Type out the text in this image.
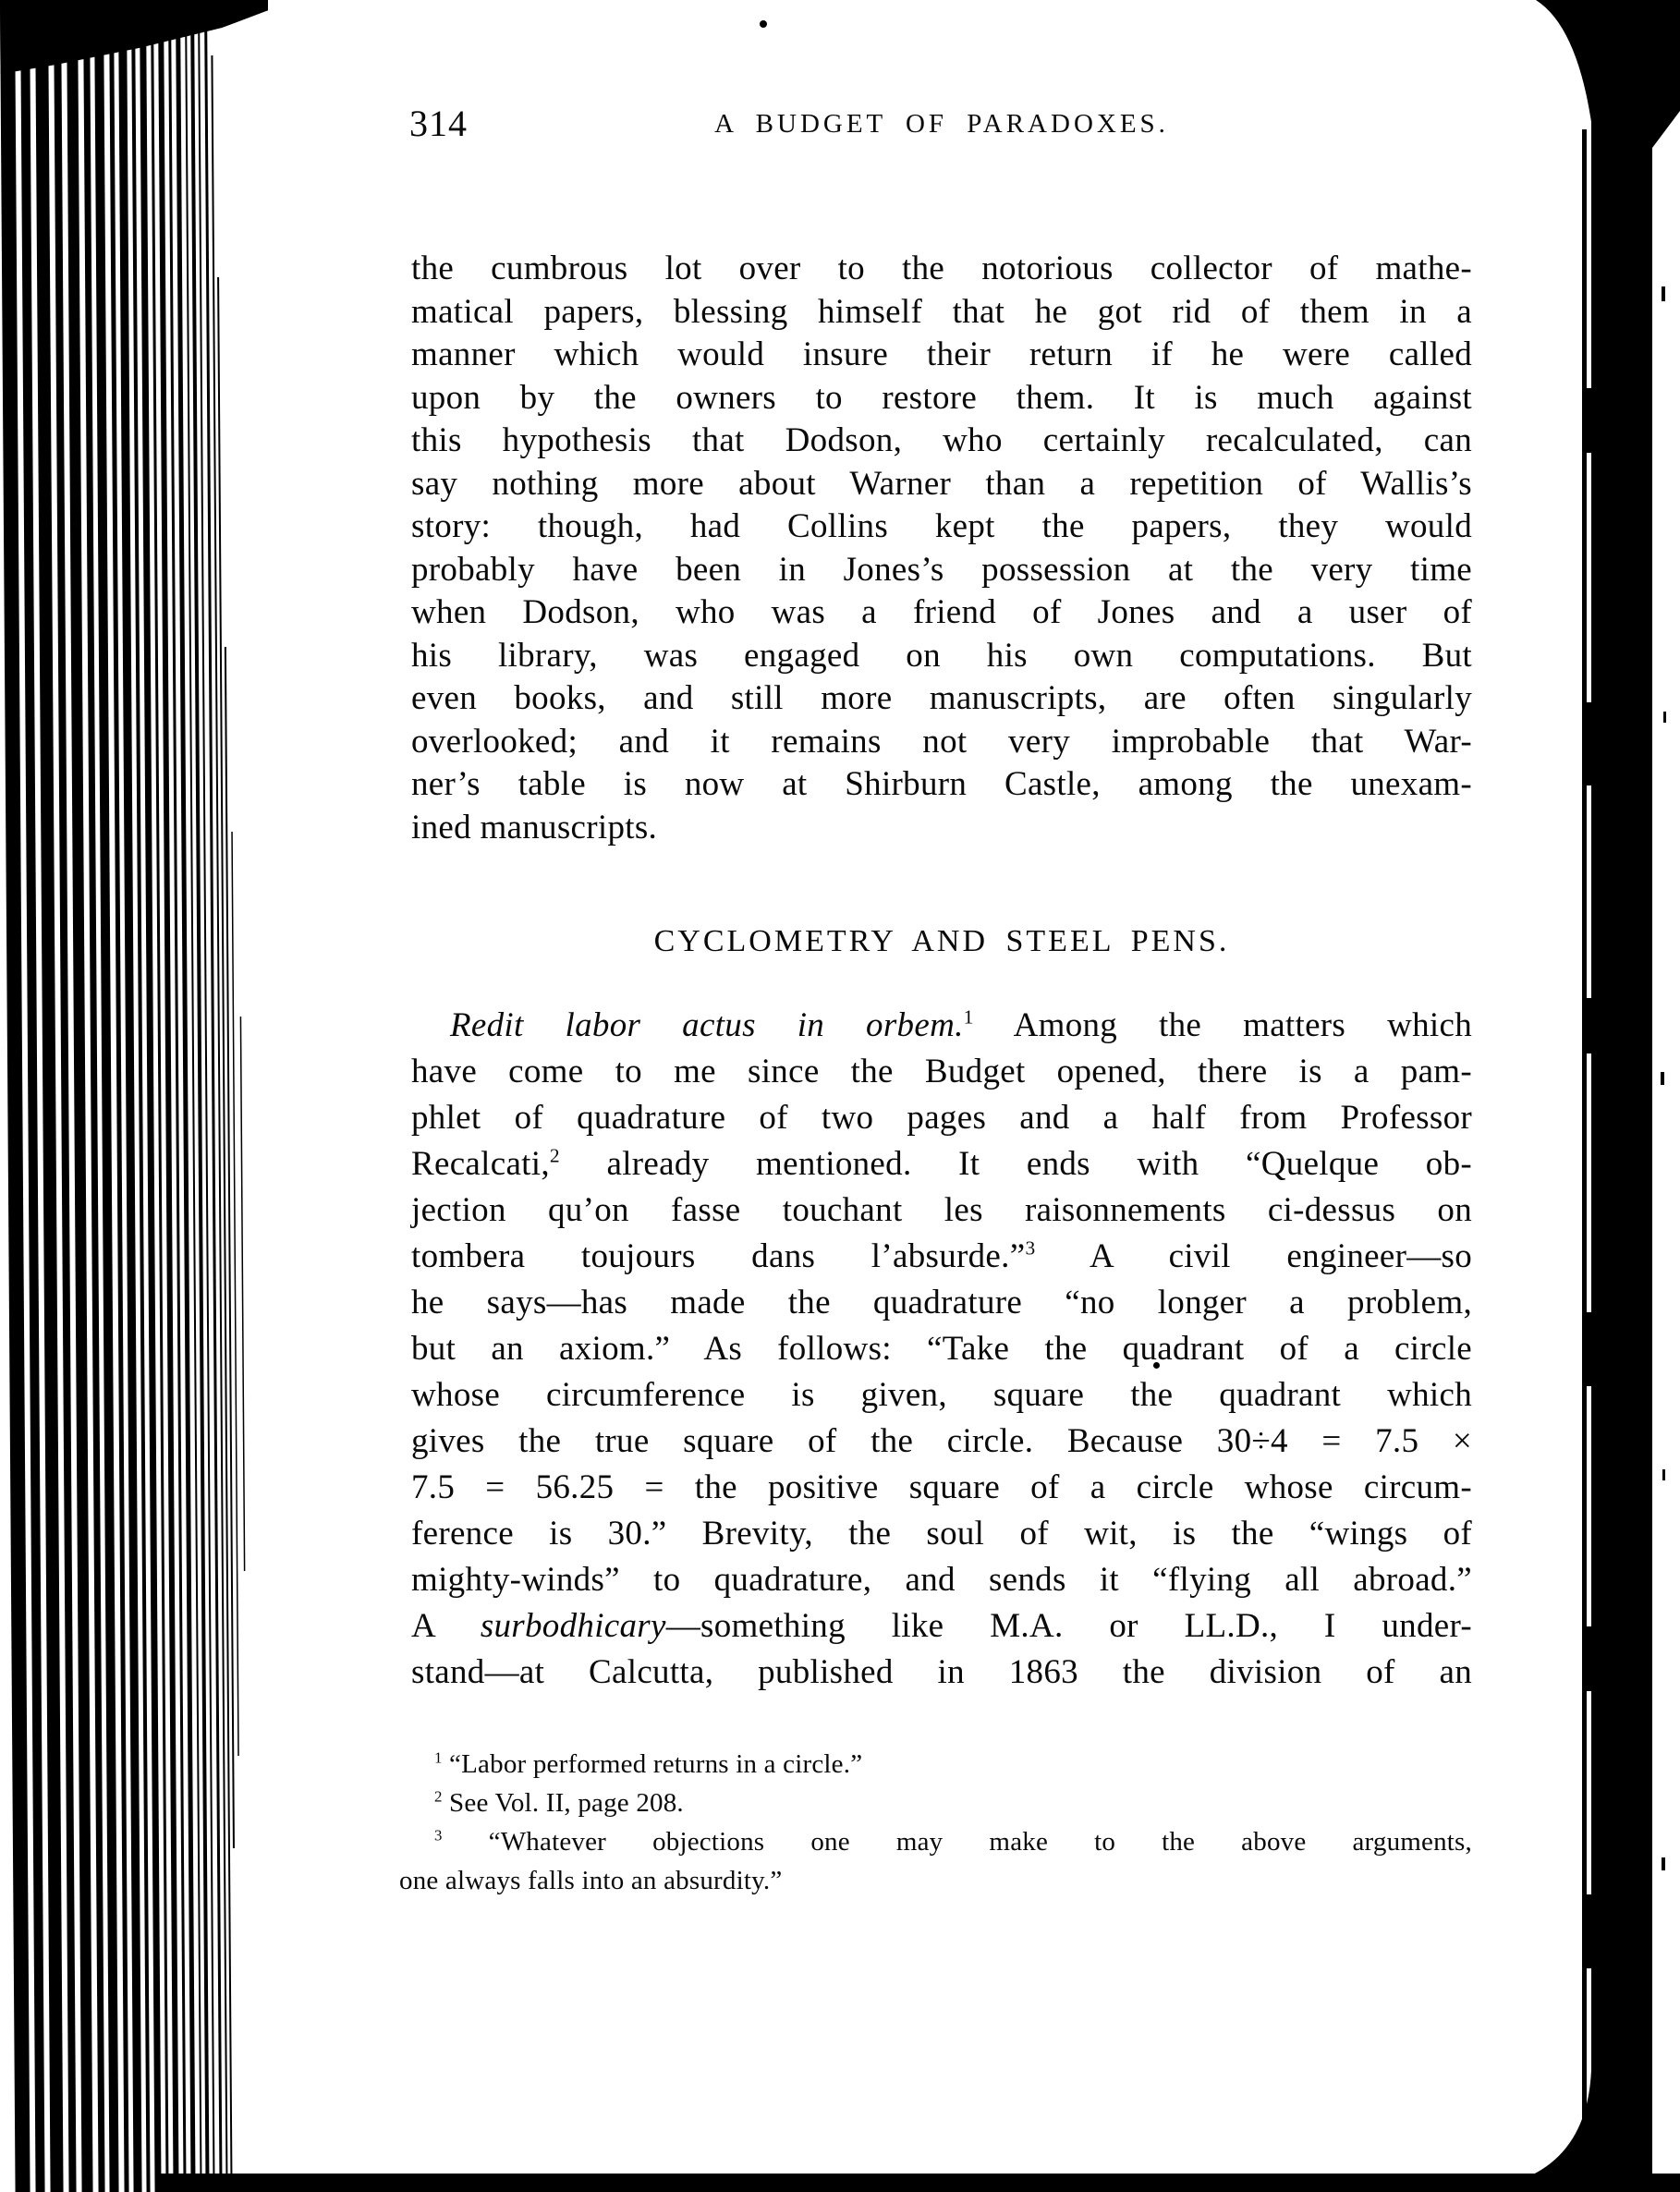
314	A BUDGET OF PARADOXES.
the cumbrous lot over to the notorious collector of mathe-
matical papers, blessing himself that he got rid of them in a
manner which would insure their return if he were called
upon by the owners to restore them. It is much against
this hypothesis that Dodson, who certainly recalculated, can
say nothing more about Warner than a repetition of Wallis’s
story: though, had Collins kept the papers, they would
probably have been in Jones’s possession at the very time
when Dodson, who was a friend of Jones and a user of
his library, was engaged on his own computations. But
even books, and still more manuscripts, are often singularly
overlooked; and it remains not very improbable that War-
ner’s table is now at Shirburn Castle, among the unexam-
ined manuscripts.
CYCLOMETRY AND STEEL PENS.
Redit labor actus in orbem.$^1$ Among the matters which
have come to me since the Budget opened, there is a pam-
phlet of quadrature of two pages and a half from Professor
Recalcati,$^2$ already mentioned. It ends with “Quelque ob-
jection qu’on fasse touchant les raisonnements ci-dessus on
tombera toujours dans l’absurde.”$^3$ A civil engineer—so
he says—has made the quadrature “no longer a problem,
but an axiom.” As follows: “Take the quadrant of a circle
whose circumference is given, square the quadrant which
gives the true square of the circle. Because 30÷4 = 7.5 ×
7.5 = 56.25 = the positive square of a circle whose circum-
ference is 30.” Brevity, the soul of wit, is the “wings of
mighty-winds” to quadrature, and sends it “flying all abroad.”
A surbodhicary—something like M.A. or LL.D., I under-
stand—at Calcutta, published in 1863 the division of an
$^1$ “Labor performed returns in a circle.”
$^2$ See Vol. II, page 208.
$^3$ “Whatever objections one may make to the above arguments,
one always falls into an absurdity.”
